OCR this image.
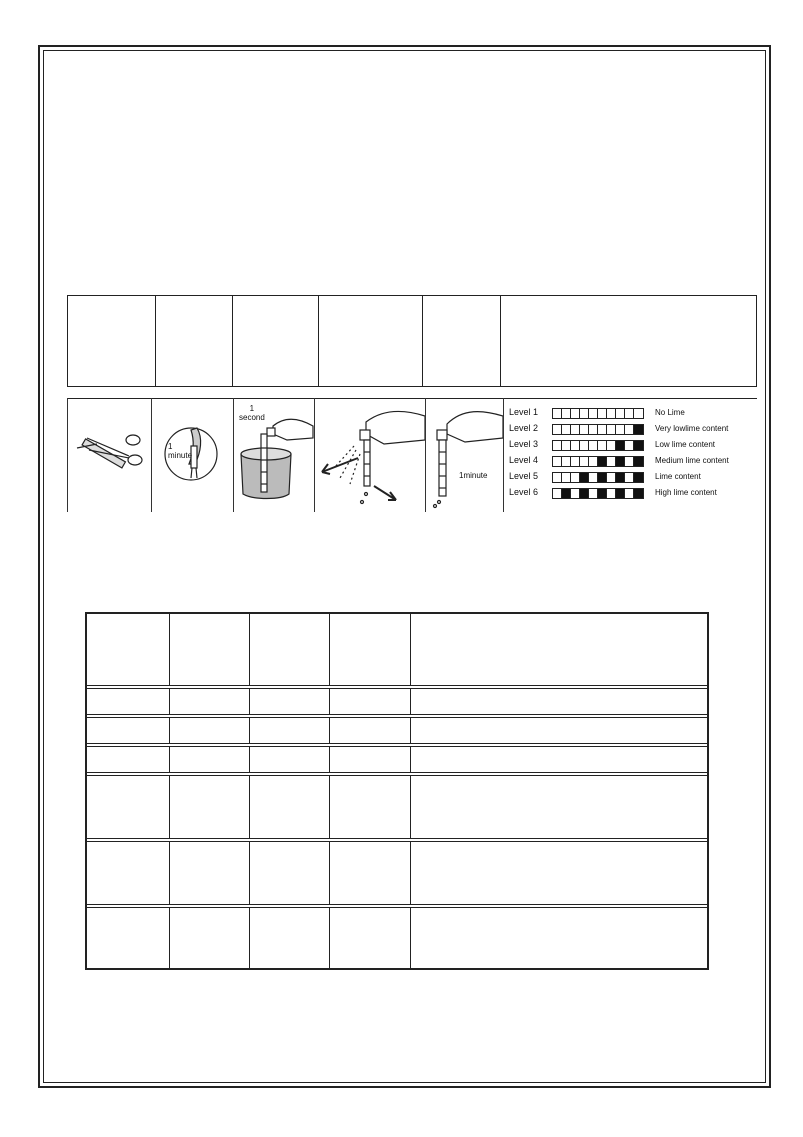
1
minute
1
second
1minute
Level 1	No Lime
Level 2	Very lowlime content
Level 3	Low lime content
Level 4	Medium lime content
Level 5	Lime content
Level 6	High lime content
